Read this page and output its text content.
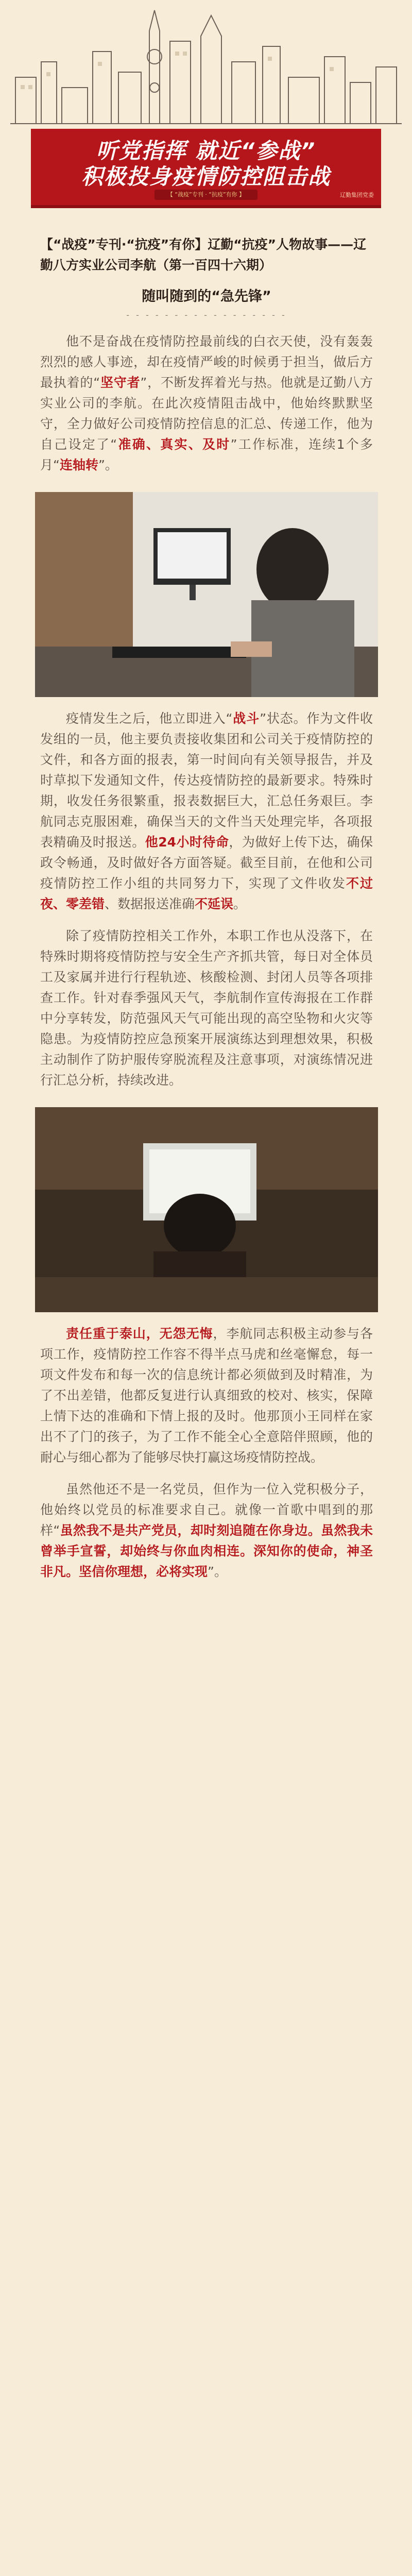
听党指挥 就近“参战”
积极投身疫情防控阻击战
【 “战疫”专刊 · “抗疫”有你 】	辽勤集团党委
【“战疫”专刊·“抗疫”有你】辽勤“抗疫”人物故事——辽勤八方实业公司李航（第一百四十六期）
随叫随到的“急先锋”
- - - - - - - - - - - - - - - - -

他不是奋战在疫情防控最前线的白衣天使，没有轰轰烈烈的感人事迹，却在疫情严峻的时候勇于担当，做后方最执着的“坚守者”，不断发挥着光与热。他就是辽勤八方实业公司的李航。在此次疫情阻击战中，他始终默默坚守，全力做好公司疫情防控信息的汇总、传递工作，他为自己设定了“准确、真实、及时”工作标准，连续1个多月“连轴转”。

疫情发生之后，他立即进入“战斗”状态。作为文件收发组的一员，他主要负责接收集团和公司关于疫情防控的文件，和各方面的报表，第一时间向有关领导报告，并及时草拟下发通知文件，传达疫情防控的最新要求。特殊时期，收发任务很繁重，报表数据巨大，汇总任务艰巨。李航同志克服困难，确保当天的文件当天处理完毕，各项报表精确及时报送。他24小时待命，为做好上传下达，确保政令畅通，及时做好各方面答疑。截至目前，在他和公司疫情防控工作小组的共同努力下，实现了文件收发不过夜、零差错、数据报送准确不延误。

除了疫情防控相关工作外，本职工作也从没落下，在特殊时期将疫情防控与安全生产齐抓共管，每日对全体员工及家属并进行行程轨迹、核酸检测、封闭人员等各项排查工作。针对春季强风天气，李航制作宣传海报在工作群中分享转发，防范强风天气可能出现的高空坠物和火灾等隐患。为疫情防控应急预案开展演练达到理想效果，积极主动制作了防护服传穿脱流程及注意事项，对演练情况进行汇总分析，持续改进。

责任重于泰山，无怨无悔，李航同志积极主动参与各项工作，疫情防控工作容不得半点马虎和丝毫懈怠，每一项文件发布和每一次的信息统计都必须做到及时精准，为了不出差错，他都反复进行认真细致的校对、核实，保障上情下达的准确和下情上报的及时。他那顶小王同样在家出不了门的孩子，为了工作不能全心全意陪伴照顾，他的耐心与细心都为了能够尽快打赢这场疫情防控战。

虽然他还不是一名党员，但作为一位入党积极分子，他始终以党员的标准要求自己。就像一首歌中唱到的那样“虽然我不是共产党员，却时刻追随在你身边。虽然我未曾举手宣誓，却始终与你血肉相连。深知你的使命，神圣非凡。坚信你理想，必将实现”。
